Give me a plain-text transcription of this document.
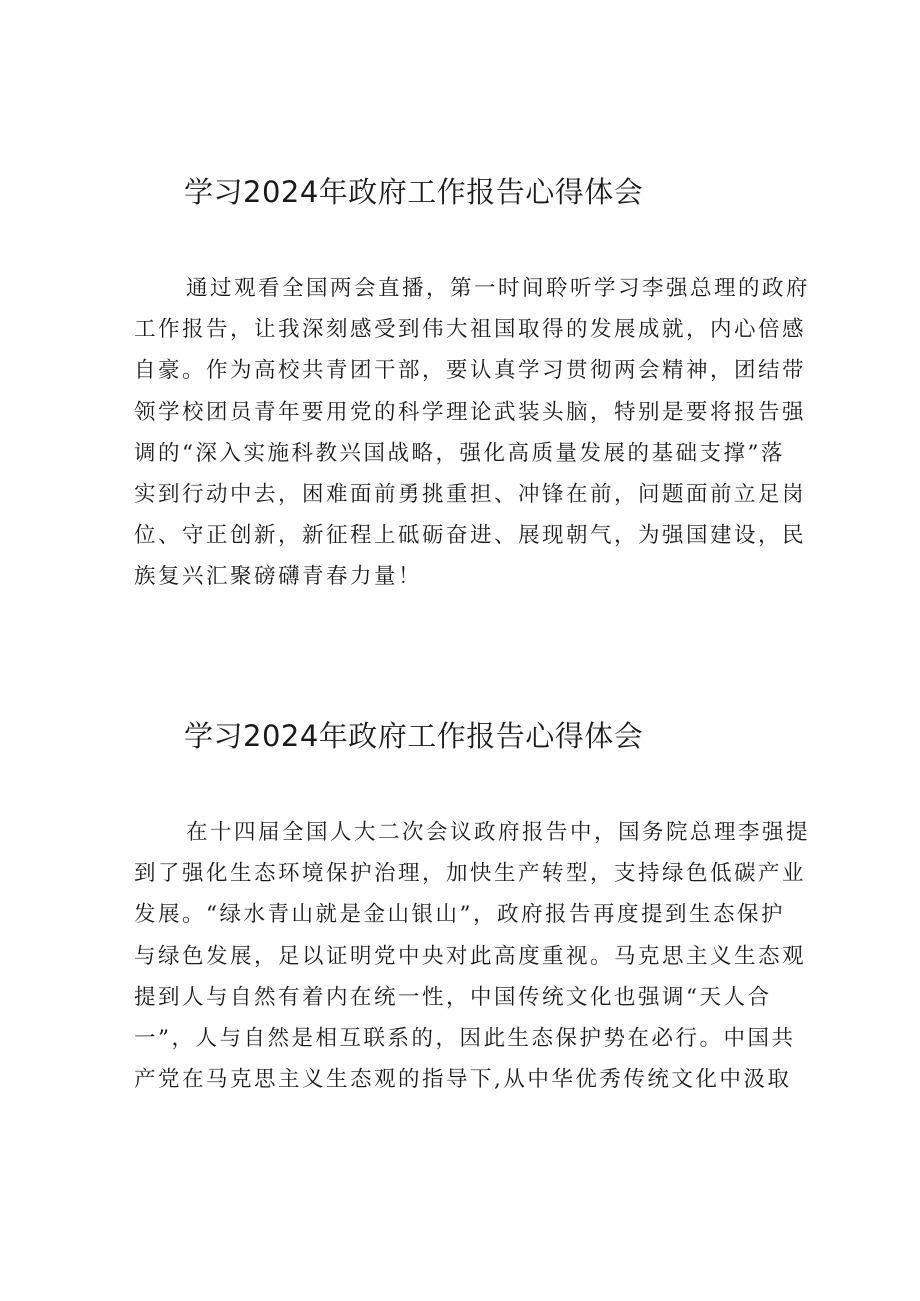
学习2024年政府工作报告心得体会
通过观看全国两会直播，第一时间聆听学习李强总理的政府
工作报告，让我深刻感受到伟大祖国取得的发展成就，内心倍感
自豪。作为高校共青团干部，要认真学习贯彻两会精神，团结带
领学校团员青年要用党的科学理论武装头脑，特别是要将报告强
调的“深入实施科教兴国战略，强化高质量发展的基础支撑”落
实到行动中去，困难面前勇挑重担、冲锋在前，问题面前立足岗
位、守正创新，新征程上砥砺奋进、展现朝气，为强国建设，民
族复兴汇聚磅礴青春力量！
学习2024年政府工作报告心得体会
在十四届全国人大二次会议政府报告中，国务院总理李强提
到了强化生态环境保护治理，加快生产转型，支持绿色低碳产业
发展。“绿水青山就是金山银山”，政府报告再度提到生态保护
与绿色发展，足以证明党中央对此高度重视。马克思主义生态观
提到人与自然有着内在统一性，中国传统文化也强调“天人合
一”，人与自然是相互联系的，因此生态保护势在必行。中国共
产党在马克思主义生态观的指导下,从中华优秀传统文化中汲取
